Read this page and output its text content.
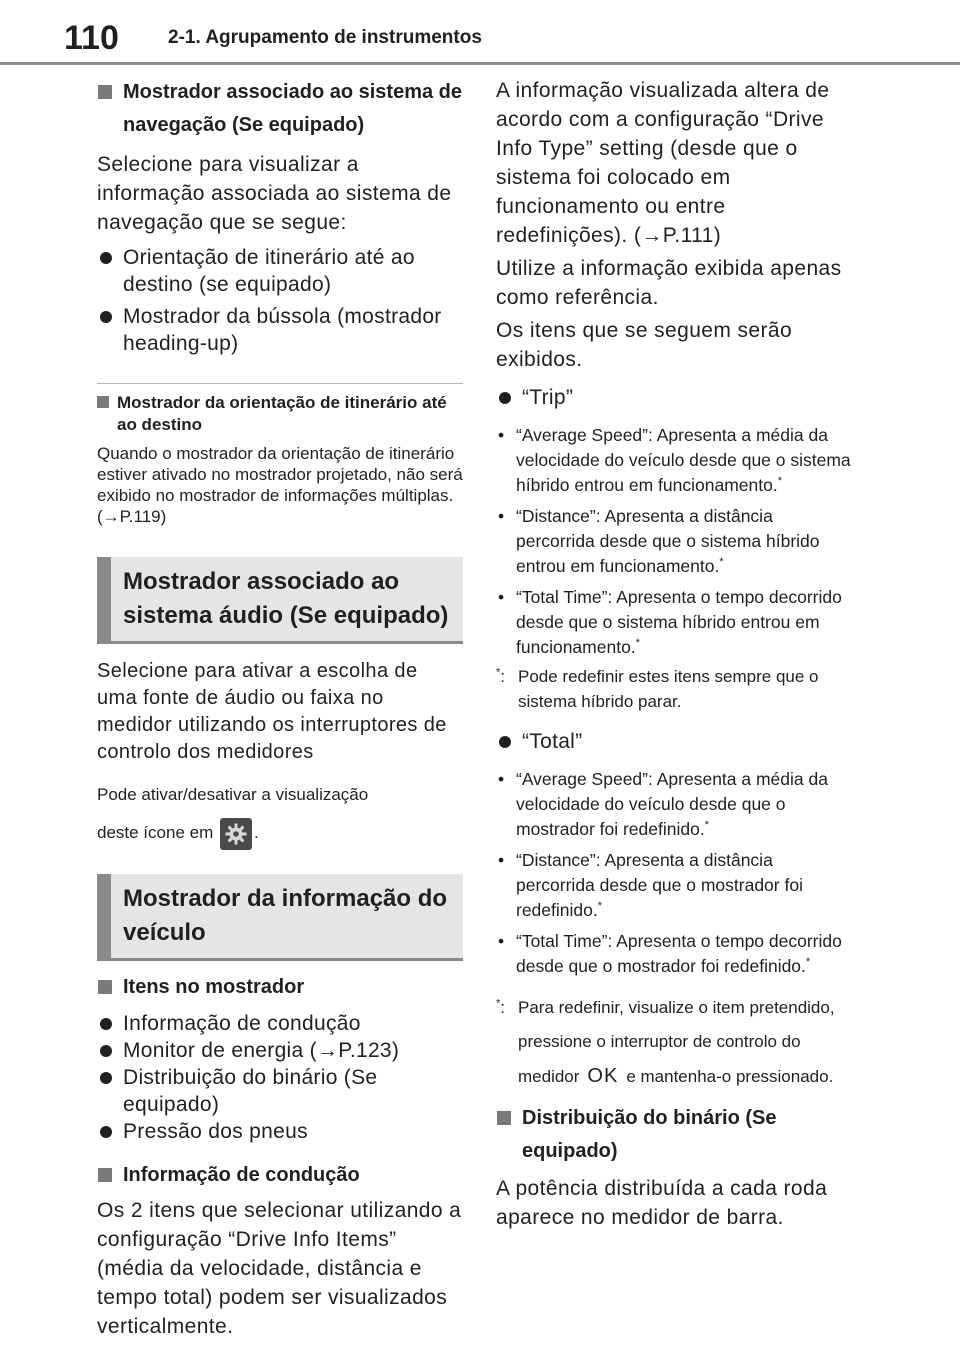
110	2-1. Agrupamento de instrumentos
Mostrador associado ao sistema de navegação (Se equipado)
Selecione para visualizar a informação associada ao sistema de navegação que se segue:
Orientação de itinerário até ao destino (se equipado)
Mostrador da bússola (mostrador heading-up)
Mostrador da orientação de itinerário até ao destino
Quando o mostrador da orientação de itinerário estiver ativado no mostrador projetado, não será exibido no mostrador de informações múltiplas. (→P.119)
Mostrador associado ao sistema áudio (Se equipado)
Selecione para ativar a escolha de uma fonte de áudio ou faixa no medidor utilizando os interruptores de controlo dos medidores
Pode ativar/desativar a visualização deste ícone em .
Mostrador da informação do veículo
Itens no mostrador
Informação de condução
Monitor de energia (→P.123)
Distribuição do binário (Se equipado)
Pressão dos pneus
Informação de condução
Os 2 itens que selecionar utilizando a configuração “Drive Info Items” (média da velocidade, distância e tempo total) podem ser visualizados verticalmente.
A informação visualizada altera de acordo com a configuração “Drive Info Type” setting (desde que o sistema foi colocado em funcionamento ou entre redefinições). (→P.111)
Utilize a informação exibida apenas como referência.
Os itens que se seguem serão exibidos.
“Trip”
• “Average Speed”: Apresenta a média da velocidade do veículo desde que o sistema híbrido entrou em funcionamento.*
• “Distance”: Apresenta a distância percorrida desde que o sistema híbrido entrou em funcionamento.*
• “Total Time”: Apresenta o tempo decorrido desde que o sistema híbrido entrou em funcionamento.*
*: Pode redefinir estes itens sempre que o sistema híbrido parar.
“Total”
• “Average Speed”: Apresenta a média da velocidade do veículo desde que o mostrador foi redefinido.*
• “Distance”: Apresenta a distância percorrida desde que o mostrador foi redefinido.*
• “Total Time”: Apresenta o tempo decorrido desde que o mostrador foi redefinido.*
*: Para redefinir, visualize o item pretendido, pressione o interruptor de controlo do medidor OK e mantenha-o pressionado.
Distribuição do binário (Se equipado)
A potência distribuída a cada roda aparece no medidor de barra.
